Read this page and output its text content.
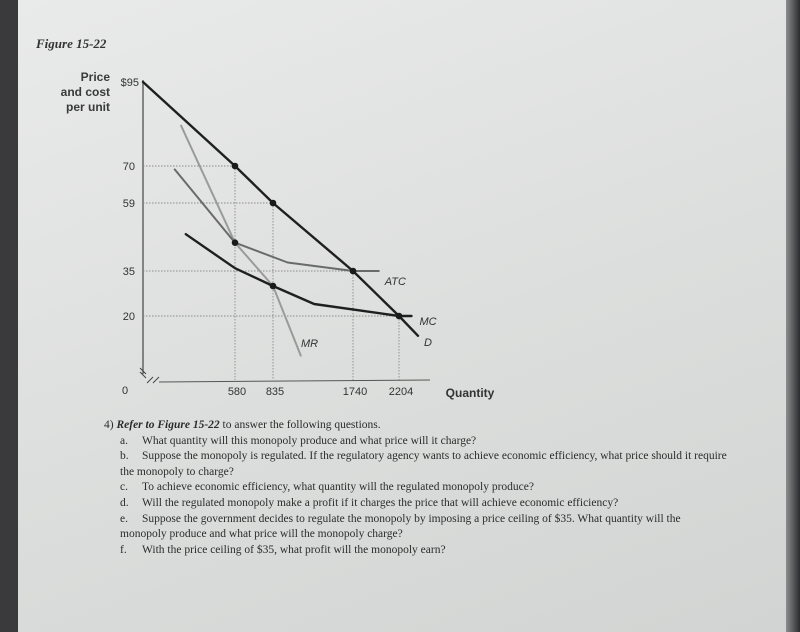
Figure 15-22
Price
and cost
per unit
$95
0
70
59
35
20
580 835	1740 2204	Quantity
D
MR
ATC
MC
4) Refer to Figure 15-22 to answer the following questions.
a. What quantity will this monopoly produce and what price will it charge?
b. Suppose the monopoly is regulated. If the regulatory agency wants to achieve economic efficiency, what price should it require the monopoly to charge?
c. To achieve economic efficiency, what quantity will the regulated monopoly produce?
d. Will the regulated monopoly make a profit if it charges the price that will achieve economic efficiency?
e. Suppose the government decides to regulate the monopoly by imposing a price ceiling of $35. What quantity will the monopoly produce and what price will the monopoly charge?
f. With the price ceiling of $35, what profit will the monopoly earn?
